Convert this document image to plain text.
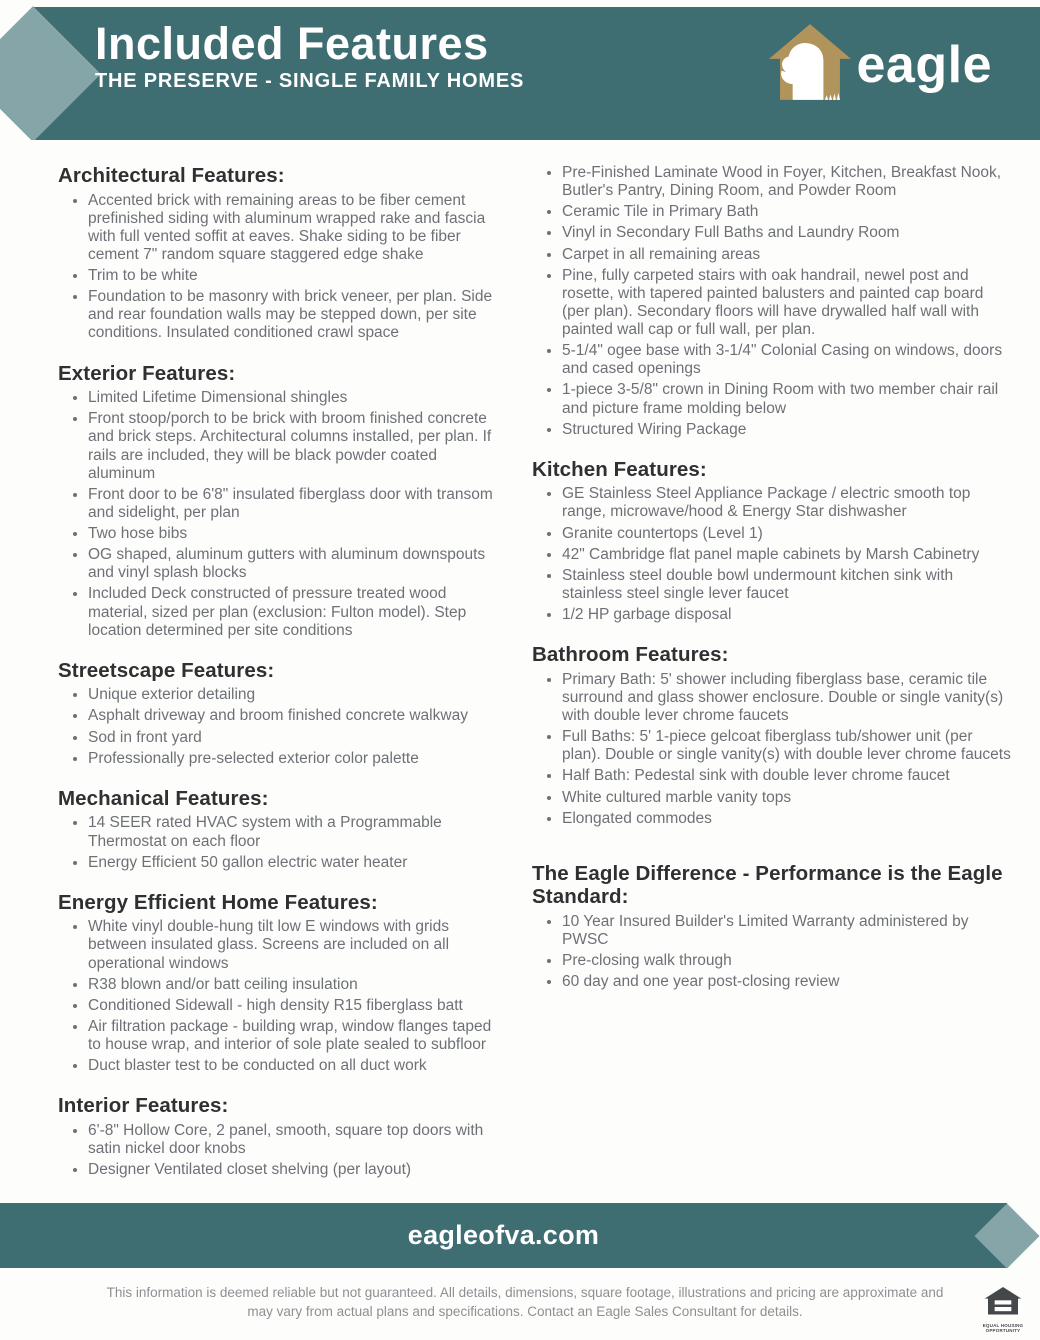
Included Features
THE PRESERVE - SINGLE FAMILY HOMES	eagle
Architectural Features:
• Accented brick with remaining areas to be fiber cement prefinished siding with aluminum wrapped rake and fascia with full vented soffit at eaves. Shake siding to be fiber cement 7" random square staggered edge shake
• Trim to be white
• Foundation to be masonry with brick veneer, per plan. Side and rear foundation walls may be stepped down, per site conditions. Insulated conditioned crawl space
Exterior Features:
• Limited Lifetime Dimensional shingles
• Front stoop/porch to be brick with broom finished concrete and brick steps. Architectural columns installed, per plan. If rails are included, they will be black powder coated aluminum
• Front door to be 6'8" insulated fiberglass door with transom and sidelight, per plan
• Two hose bibs
• OG shaped, aluminum gutters with aluminum downspouts and vinyl splash blocks
• Included Deck constructed of pressure treated wood material, sized per plan (exclusion: Fulton model). Step location determined per site conditions
Streetscape Features:
• Unique exterior detailing
• Asphalt driveway and broom finished concrete walkway
• Sod in front yard
• Professionally pre-selected exterior color palette
Mechanical Features:
• 14 SEER rated HVAC system with a Programmable Thermostat on each floor
• Energy Efficient 50 gallon electric water heater
Energy Efficient Home Features:
• White vinyl double-hung tilt low E windows with grids between insulated glass. Screens are included on all operational windows
• R38 blown and/or batt ceiling insulation
• Conditioned Sidewall - high density R15 fiberglass batt
• Air filtration package - building wrap, window flanges taped to house wrap, and interior of sole plate sealed to subfloor
• Duct blaster test to be conducted on all duct work
Interior Features:
• 6'-8" Hollow Core, 2 panel, smooth, square top doors with satin nickel door knobs
• Designer Ventilated closet shelving (per layout)
• Pre-Finished Laminate Wood in Foyer, Kitchen, Breakfast Nook, Butler's Pantry, Dining Room, and Powder Room
• Ceramic Tile in Primary Bath
• Vinyl in Secondary Full Baths and Laundry Room
• Carpet in all remaining areas
• Pine, fully carpeted stairs with oak handrail, newel post and rosette, with tapered painted balusters and painted cap board (per plan). Secondary floors will have drywalled half wall with painted wall cap or full wall, per plan.
• 5-1/4" ogee base with 3-1/4" Colonial Casing on windows, doors and cased openings
• 1-piece 3-5/8" crown in Dining Room with two member chair rail and picture frame molding below
• Structured Wiring Package
Kitchen Features:
• GE Stainless Steel Appliance Package / electric smooth top range, microwave/hood & Energy Star dishwasher
• Granite countertops (Level 1)
• 42" Cambridge flat panel maple cabinets by Marsh Cabinetry
• Stainless steel double bowl undermount kitchen sink with stainless steel single lever faucet
• 1/2 HP garbage disposal
Bathroom Features:
• Primary Bath: 5' shower including fiberglass base, ceramic tile surround and glass shower enclosure. Double or single vanity(s) with double lever chrome faucets
• Full Baths: 5' 1-piece gelcoat fiberglass tub/shower unit (per plan). Double or single vanity(s) with double lever chrome faucets
• Half Bath: Pedestal sink with double lever chrome faucet
• White cultured marble vanity tops
• Elongated commodes
The Eagle Difference - Performance is the Eagle Standard:
• 10 Year Insured Builder's Limited Warranty administered by PWSC
• Pre-closing walk through
• 60 day and one year post-closing review
eagleofva.com
This information is deemed reliable but not guaranteed. All details, dimensions, square footage, illustrations and pricing are approximate and may vary from actual plans and specifications. Contact an Eagle Sales Consultant for details.
EQUAL HOUSING
OPPORTUNITY
